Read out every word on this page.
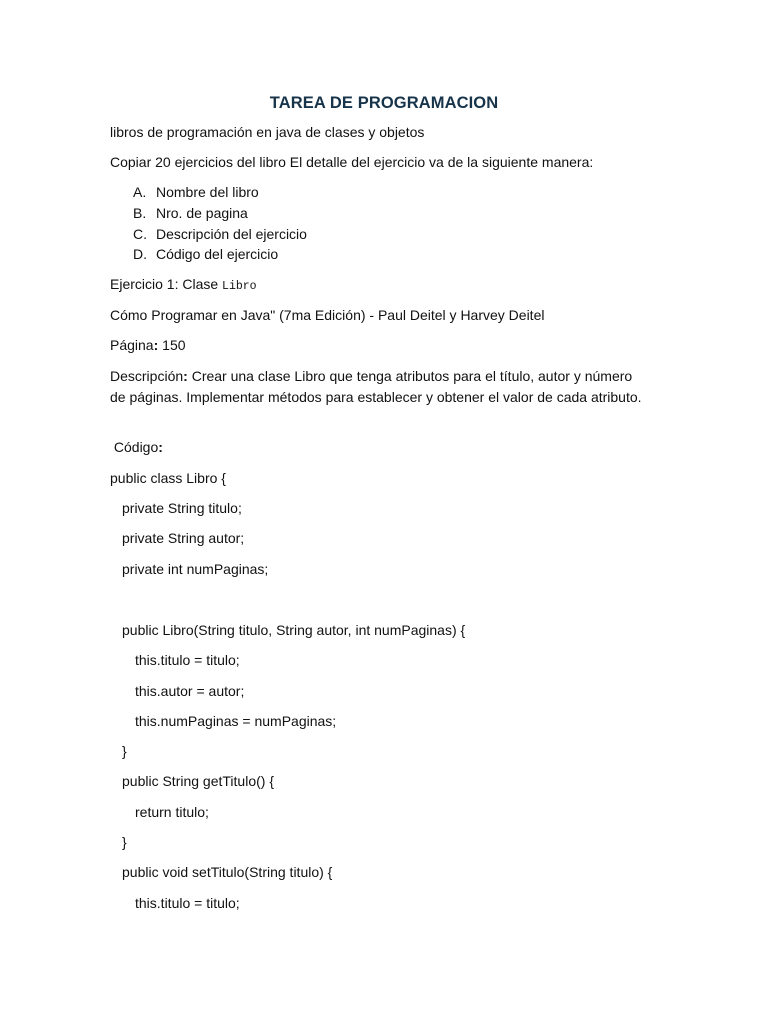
TAREA DE PROGRAMACION
libros de programación en java de clases y objetos
Copiar 20 ejercicios del libro El detalle del ejercicio va de la siguiente manera:
A. Nombre del libro
B. Nro. de pagina
C. Descripción del ejercicio
D. Código del ejercicio
Ejercicio 1: Clase Libro
Cómo Programar en Java" (7ma Edición) - Paul Deitel y Harvey Deitel
Página: 150
Descripción: Crear una clase Libro que tenga atributos para el título, autor y número de páginas. Implementar métodos para establecer y obtener el valor de cada atributo.
Código:
public class Libro {
private String titulo;
private String autor;
private int numPaginas;
public Libro(String titulo, String autor, int numPaginas) {
this.titulo = titulo;
this.autor = autor;
this.numPaginas = numPaginas;
}
public String getTitulo() {
return titulo;
}
public void setTitulo(String titulo) {
this.titulo = titulo;
